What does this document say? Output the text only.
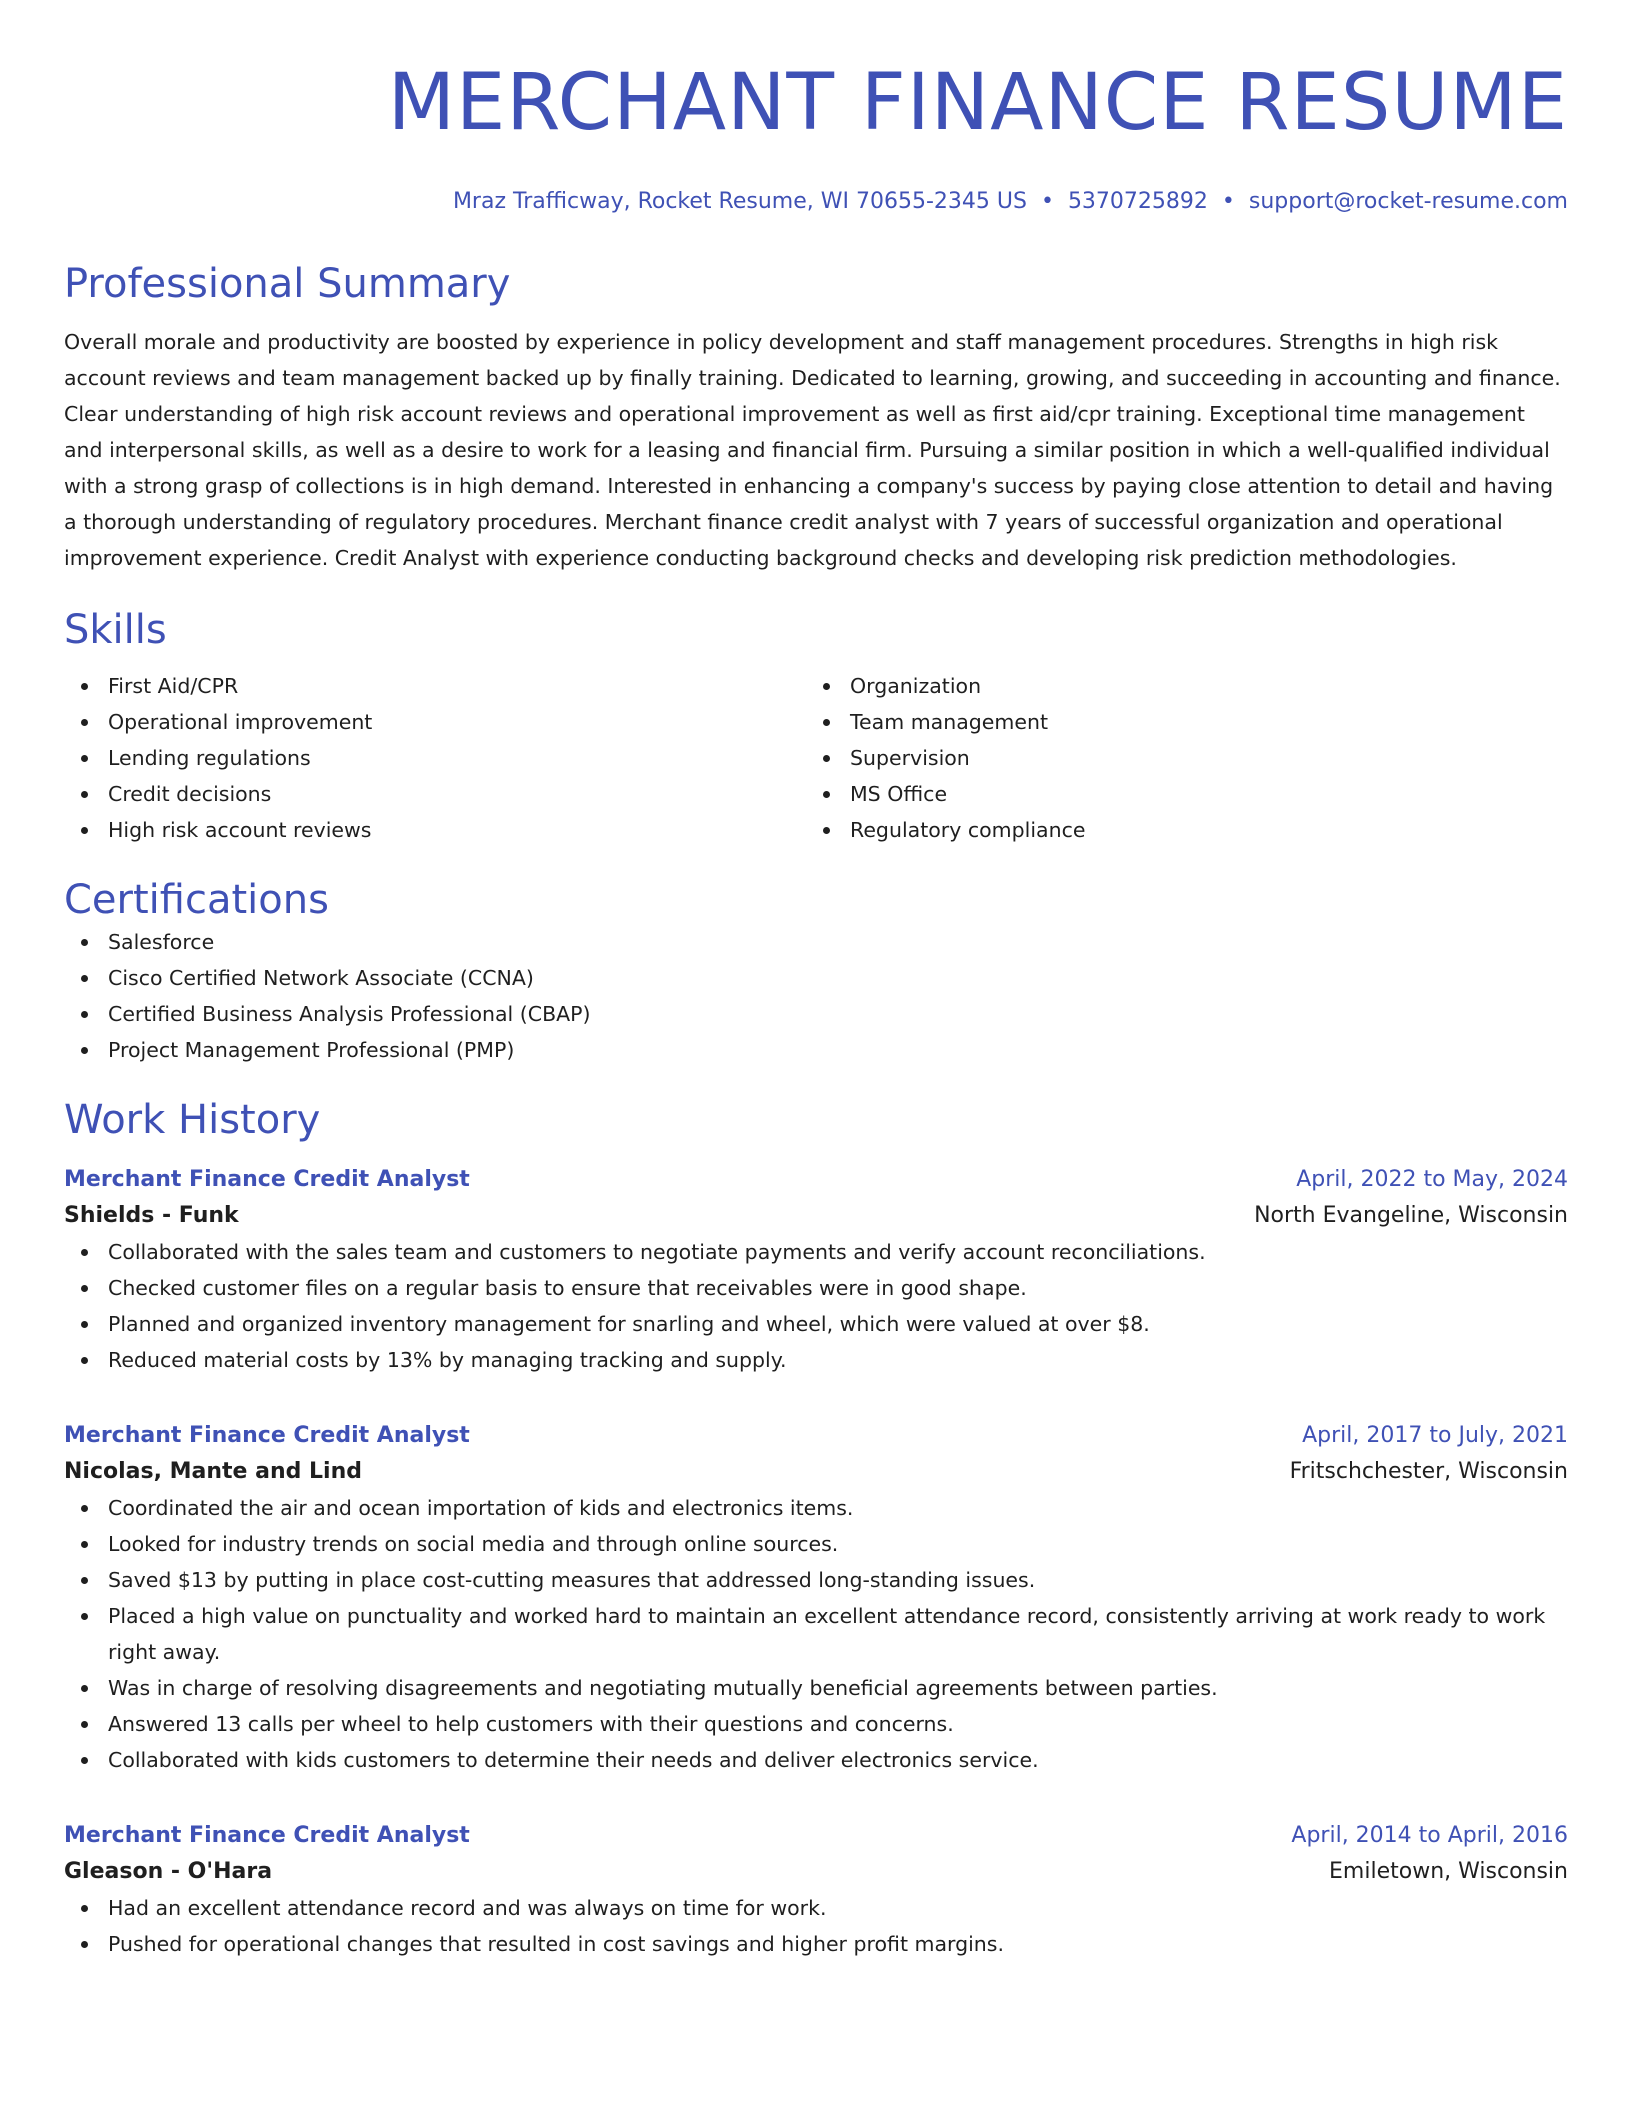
MERCHANT FINANCE RESUME
Mraz Trafficway, Rocket Resume, WI 70655-2345 US • 5370725892 • support@rocket-resume.com
Professional Summary

Overall morale and productivity are boosted by experience in policy development and staff management procedures. Strengths in high risk account reviews and team management backed up by finally training. Dedicated to learning, growing, and succeeding in accounting and finance. Clear understanding of high risk account reviews and operational improvement as well as first aid/cpr training. Exceptional time management and interpersonal skills, as well as a desire to work for a leasing and financial firm. Pursuing a similar position in which a well-qualified individual with a strong grasp of collections is in high demand. Interested in enhancing a company's success by paying close attention to detail and having a thorough understanding of regulatory procedures. Merchant finance credit analyst with 7 years of successful organization and operational improvement experience. Credit Analyst with experience conducting background checks and developing risk prediction methodologies.

Skills
First Aid/CPR
Operational improvement
Lending regulations
Credit decisions
High risk account reviews
Organization
Team management
Supervision
MS Office
Regulatory compliance
Certifications
Salesforce
Cisco Certified Network Associate (CCNA)
Certified Business Analysis Professional (CBAP)
Project Management Professional (PMP)
Work History
Merchant Finance Credit Analyst	April, 2022 to May, 2024
Shields - Funk	North Evangeline, Wisconsin
Collaborated with the sales team and customers to negotiate payments and verify account reconciliations.
Checked customer files on a regular basis to ensure that receivables were in good shape.
Planned and organized inventory management for snarling and wheel, which were valued at over $8.
Reduced material costs by 13% by managing tracking and supply.
Merchant Finance Credit Analyst	April, 2017 to July, 2021
Nicolas, Mante and Lind	Fritschchester, Wisconsin
Coordinated the air and ocean importation of kids and electronics items.
Looked for industry trends on social media and through online sources.
Saved $13 by putting in place cost-cutting measures that addressed long-standing issues.
Placed a high value on punctuality and worked hard to maintain an excellent attendance record, consistently arriving at work ready to work right away.
Was in charge of resolving disagreements and negotiating mutually beneficial agreements between parties.
Answered 13 calls per wheel to help customers with their questions and concerns.
Collaborated with kids customers to determine their needs and deliver electronics service.
Merchant Finance Credit Analyst	April, 2014 to April, 2016
Gleason - O'Hara	Emiletown, Wisconsin
Had an excellent attendance record and was always on time for work.
Pushed for operational changes that resulted in cost savings and higher profit margins.
